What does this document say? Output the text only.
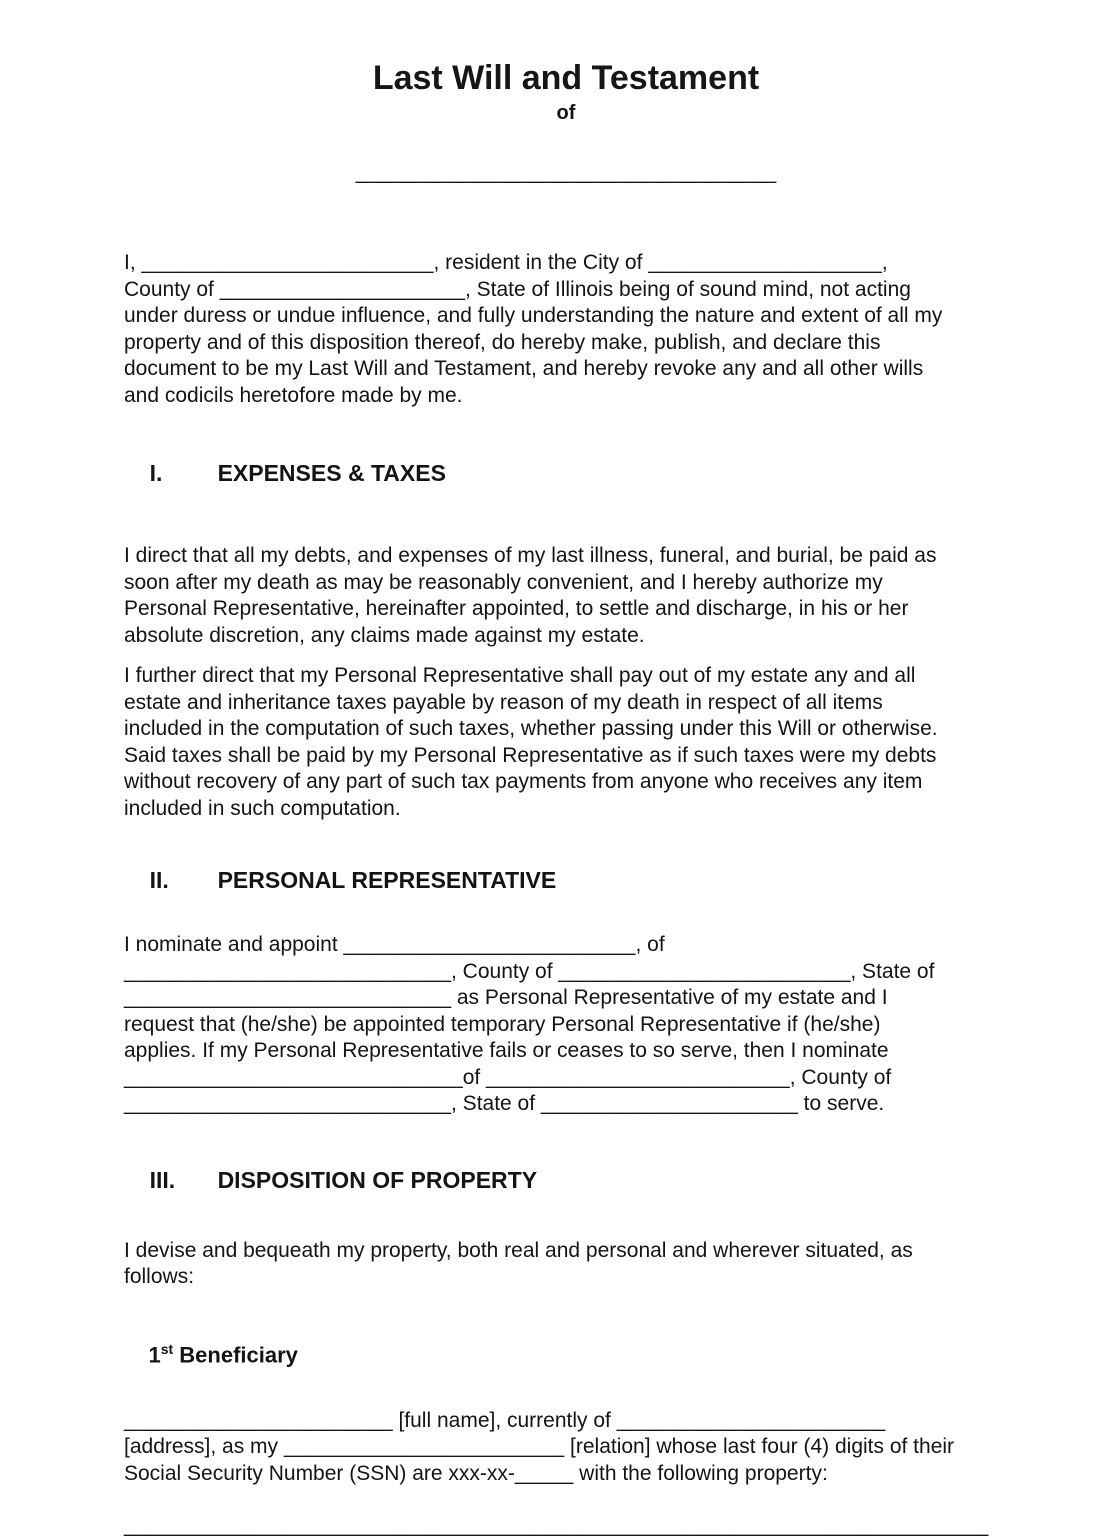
Last Will and Testament
of
____________________________________
I, _________________________, resident in the City of ____________________,
County of _____________________, State of Illinois being of sound mind, not acting
under duress or undue influence, and fully understanding the nature and extent of all my
property and of this disposition thereof, do hereby make, publish, and declare this
document to be my Last Will and Testament, and hereby revoke any and all other wills
and codicils heretofore made by me.

I. EXPENSES & TAXES

I direct that all my debts, and expenses of my last illness, funeral, and burial, be paid as
soon after my death as may be reasonably convenient, and I hereby authorize my
Personal Representative, hereinafter appointed, to settle and discharge, in his or her
absolute discretion, any claims made against my estate.
I further direct that my Personal Representative shall pay out of my estate any and all
estate and inheritance taxes payable by reason of my death in respect of all items
included in the computation of such taxes, whether passing under this Will or otherwise.
Said taxes shall be paid by my Personal Representative as if such taxes were my debts
without recovery of any part of such tax payments from anyone who receives any item
included in such computation.

II. PERSONAL REPRESENTATIVE

I nominate and appoint _________________________, of
____________________________, County of _________________________, State of
____________________________ as Personal Representative of my estate and I
request that (he/she) be appointed temporary Personal Representative if (he/she)
applies. If my Personal Representative fails or ceases to so serve, then I nominate
_____________________________of __________________________, County of
____________________________, State of ______________________ to serve.

III. DISPOSITION OF PROPERTY

I devise and bequeath my property, both real and personal and wherever situated, as
follows:

1st Beneficiary

_______________________ [full name], currently of _______________________
[address], as my ________________________ [relation] whose last four (4) digits of their
Social Security Number (SSN) are xxx-xx-_____ with the following property:
__________________________________________________________________________
